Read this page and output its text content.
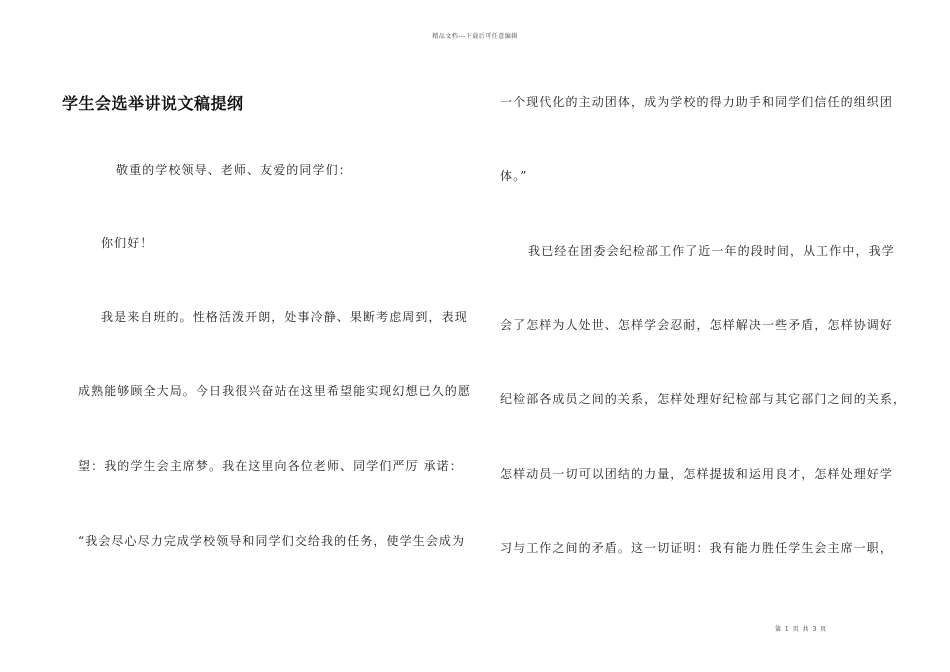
精品文档---下载后可任意编辑
学生会选举讲说文稿提纲
敬重的学校领导、老师、友爱的同学们：
你们好！
我是来自班的。性格活泼开朗，处事冷静、果断考虑周到，表现
成熟能够顾全大局。今日我很兴奋站在这里希望能实现幻想已久的愿
望：我的学生会主席梦。我在这里向各位老师、同学们严厉 承诺：
“我会尽心尽力完成学校领导和同学们交给我的任务，使学生会成为
一个现代化的主动团体，成为学校的得力助手和同学们信任的组织团
体。”
我已经在团委会纪检部工作了近一年的段时间，从工作中，我学
会了怎样为人处世、怎样学会忍耐，怎样解决一些矛盾，怎样协调好
纪检部各成员之间的关系，怎样处理好纪检部与其它部门之间的关系，
怎样动员一切可以团结的力量，怎样提拔和运用良才，怎样处理好学
习与工作之间的矛盾。这一切证明：我有能力胜任学生会主席一职，
第 1 页 共 3 页
